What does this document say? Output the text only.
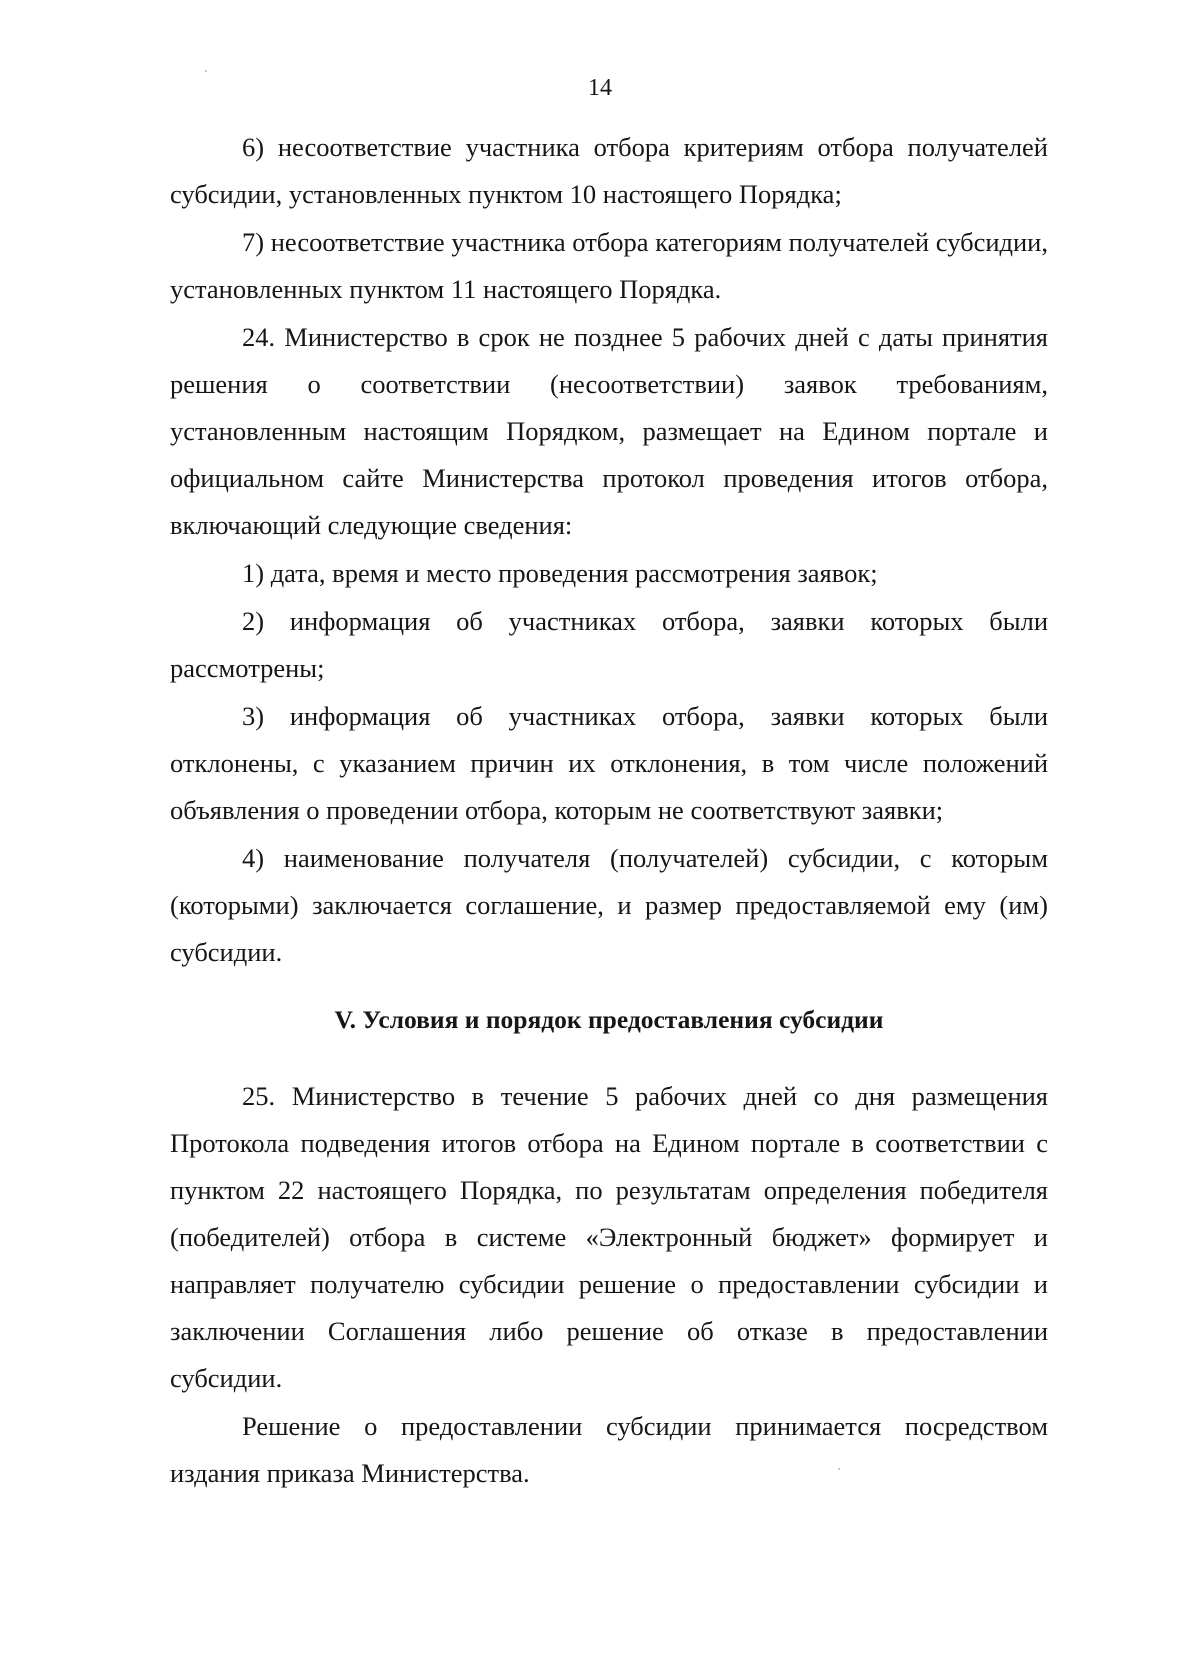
14

6) несоответствие участника отбора критериям отбора получателей субсидии, установленных пунктом 10 настоящего Порядка;

7) несоответствие участника отбора категориям получателей субсидии, установленных пунктом 11 настоящего Порядка.

24. Министерство в срок не позднее 5 рабочих дней с даты принятия решения о соответствии (несоответствии) заявок требованиям, установленным настоящим Порядком, размещает на Едином портале и официальном сайте Министерства протокол проведения итогов отбора, включающий следующие сведения:

1) дата, время и место проведения рассмотрения заявок;

2) информация об участниках отбора, заявки которых были рассмотрены;

3) информация об участниках отбора, заявки которых были отклонены, с указанием причин их отклонения, в том числе положений объявления о проведении отбора, которым не соответствуют заявки;

4) наименование получателя (получателей) субсидии, с которым (которыми) заключается соглашение, и размер предоставляемой ему (им) субсидии.

V. Условия и порядок предоставления субсидии

25. Министерство в течение 5 рабочих дней со дня размещения Протокола подведения итогов отбора на Едином портале в соответствии с пунктом 22 настоящего Порядка, по результатам определения победителя (победителей) отбора в системе «Электронный бюджет» формирует и направляет получателю субсидии решение о предоставлении субсидии и заключении Соглашения либо решение об отказе в предоставлении субсидии.

Решение о предоставлении субсидии принимается посредством издания приказа Министерства.
